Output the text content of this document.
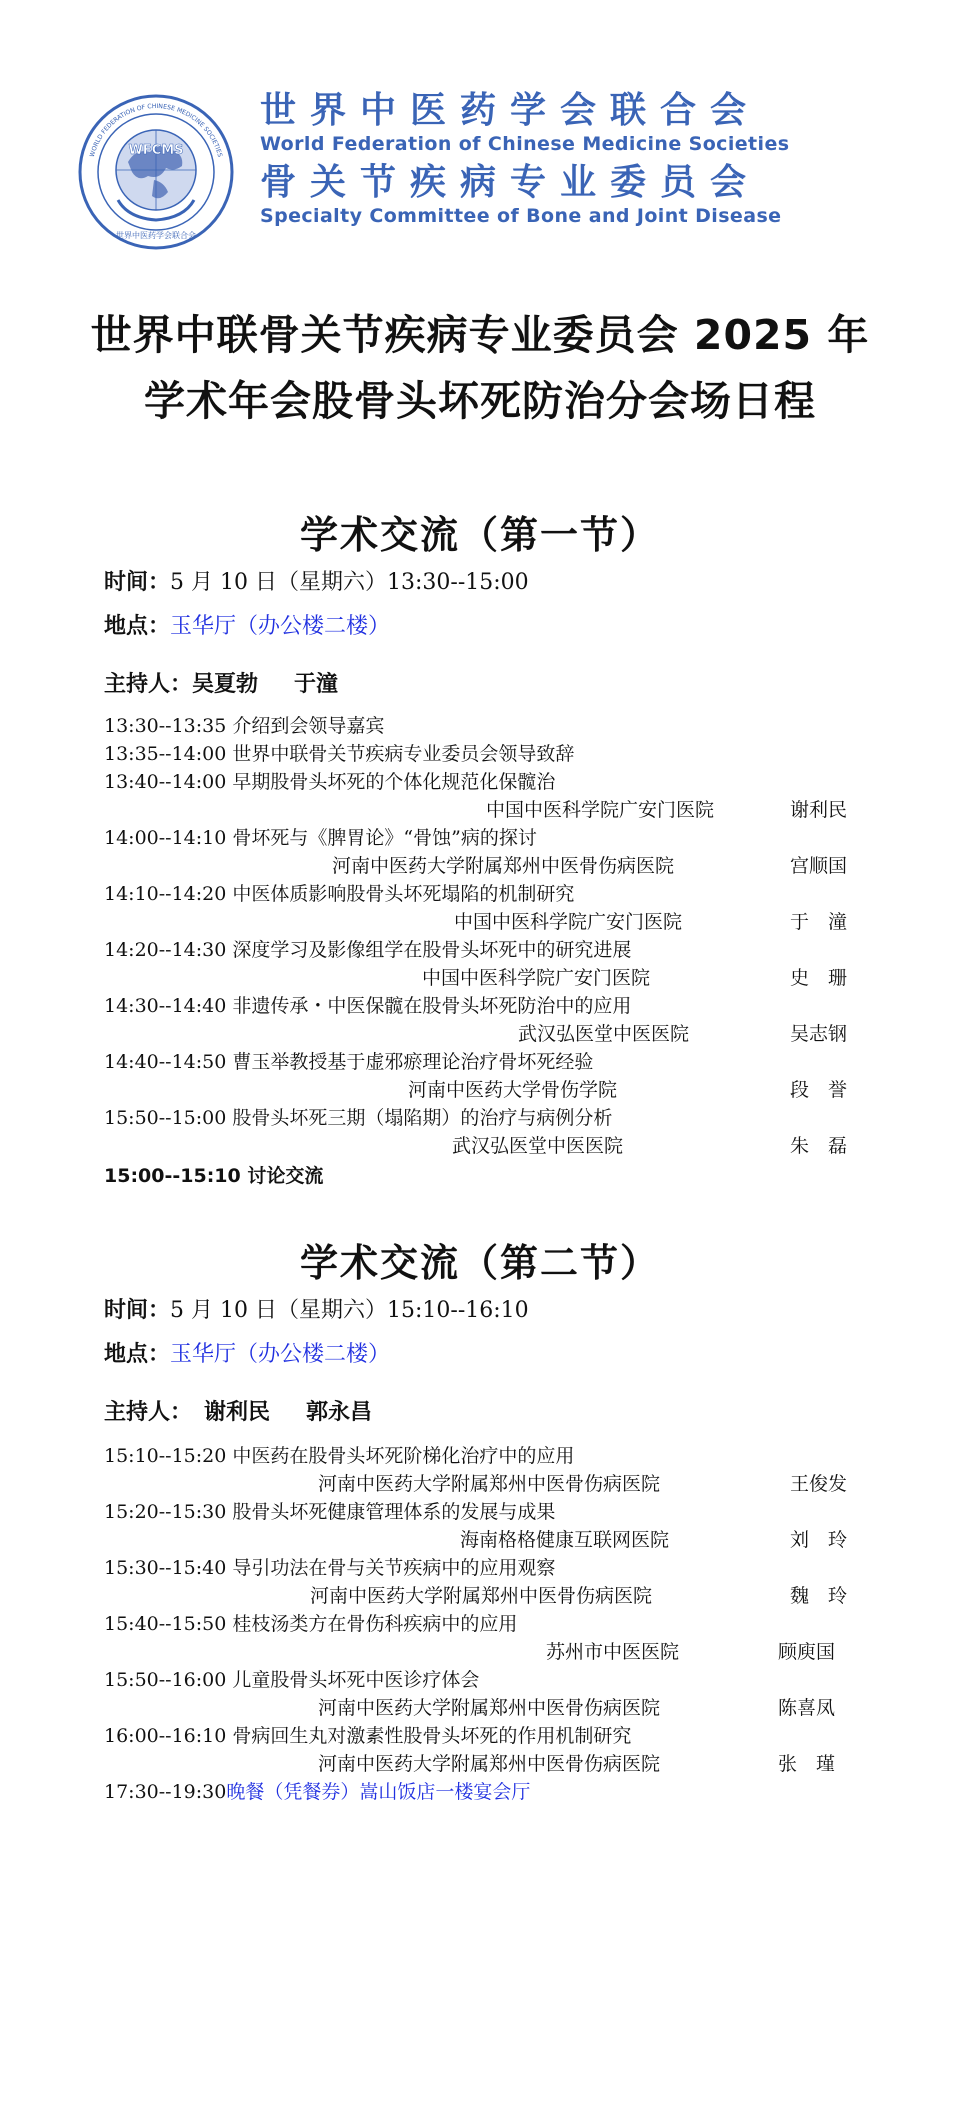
WFCMS
WORLD FEDERATION OF CHINESE MEDICINE SOCIETIES
世界中医药学会联合会
世界中医药学会联合会
World Federation of Chinese Medicine Societies
骨关节疾病专业委员会
Specialty Committee of Bone and Joint Disease
世界中联骨关节疾病专业委员会 2025 年
学术年会股骨头坏死防治分会场日程
学术交流（第一节）
时间：5 月 10 日（星期六）13:30--15:00
地点：玉华厅（办公楼二楼）
主持人：吴夏勃 于潼
13:30--13:35 介绍到会领导嘉宾
13:35--14:00 世界中联骨关节疾病专业委员会领导致辞
13:40--14:00 早期股骨头坏死的个体化规范化保髋治
中国中医科学院广安门医院	谢利民
14:00--14:10 骨坏死与《脾胃论》“骨蚀”病的探讨
河南中医药大学附属郑州中医骨伤病医院	宫顺国
14:10--14:20 中医体质影响股骨头坏死塌陷的机制研究
中国中医科学院广安门医院	于　潼
14:20--14:30 深度学习及影像组学在股骨头坏死中的研究进展
中国中医科学院广安门医院	史　珊
14:30--14:40 非遗传承・中医保髋在股骨头坏死防治中的应用
武汉弘医堂中医医院	吴志钢
14:40--14:50 曹玉举教授基于虚邪瘀理论治疗骨坏死经验
河南中医药大学骨伤学院	段　誉
15:50--15:00 股骨头坏死三期（塌陷期）的治疗与病例分析
武汉弘医堂中医医院	朱　磊
15:00--15:10 讨论交流
学术交流（第二节）
时间：5 月 10 日（星期六）15:10--16:10
地点：玉华厅（办公楼二楼）
主持人： 谢利民 郭永昌
15:10--15:20 中医药在股骨头坏死阶梯化治疗中的应用
河南中医药大学附属郑州中医骨伤病医院	王俊发
15:20--15:30 股骨头坏死健康管理体系的发展与成果
海南格格健康互联网医院	刘　玲
15:30--15:40 导引功法在骨与关节疾病中的应用观察
河南中医药大学附属郑州中医骨伤病医院	魏　玲
15:40--15:50 桂枝汤类方在骨伤科疾病中的应用
苏州市中医医院	顾庾国
15:50--16:00 儿童股骨头坏死中医诊疗体会
河南中医药大学附属郑州中医骨伤病医院	陈喜凤
16:00--16:10 骨病回生丸对激素性股骨头坏死的作用机制研究
河南中医药大学附属郑州中医骨伤病医院	张　瑾
17:30--19:30晚餐（凭餐券）嵩山饭店一楼宴会厅
